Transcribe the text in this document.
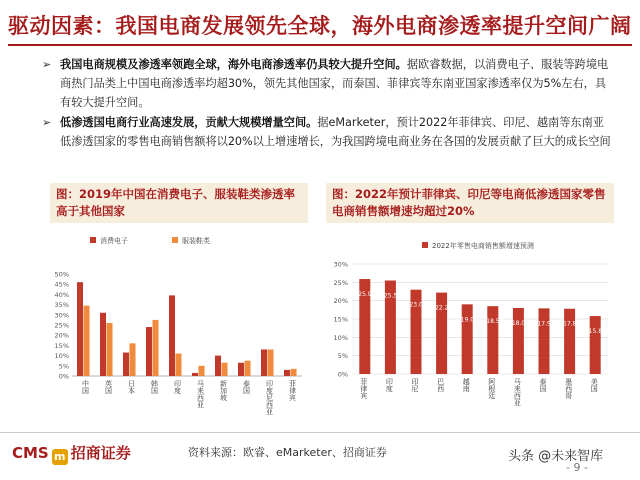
驱动因素：我国电商发展领先全球，海外电商渗透率提升空间广阔
➢ 我国电商规模及渗透率领跑全球，海外电商渗透率仍具较大提升空间。据欧睿数据，以消费电子、服装等跨境电商热门品类上中国电商渗透率均超30%，领先其他国家，而泰国、菲律宾等东南亚国家渗透率仅为5%左右，具有较大提升空间。
➢ 低渗透国电商行业高速发展，贡献大规模增量空间。据eMarketer，预计2022年菲律宾、印尼、越南等东南亚低渗透国家的零售电商销售额将以20%以上增速增长，为我国跨境电商业务在各国的发展贡献了巨大的成长空间
图：2019年中国在消费电子、服装鞋类渗透率高于其他国家
图：2022年预计菲律宾、印尼等电商低渗透国家零售电商销售额增速均超过20%
消费电子	服装鞋类
0%
5%
10%
15%
20%
25%
30%
35%
40%
45%
50%
中国 英国 日本 韩国 印度 马来西亚 新加坡 泰国 印度尼西亚 菲律宾
2022年零售电商销售额增速预测
0%
5%
10%
15%
20%
25%
30%
25.9%
菲律宾
25.5%
印度
23.0%
印尼
22.2%
巴西
19.0%
越南
18.5%
阿根廷
18.0%
马来西亚
17.9%
泰国
17.8%
墨西哥
15.8%
美国
CMS m 招商证券	资料来源：欧睿、eMarketer、招商证券	头条 @未来智库
- 9 -
